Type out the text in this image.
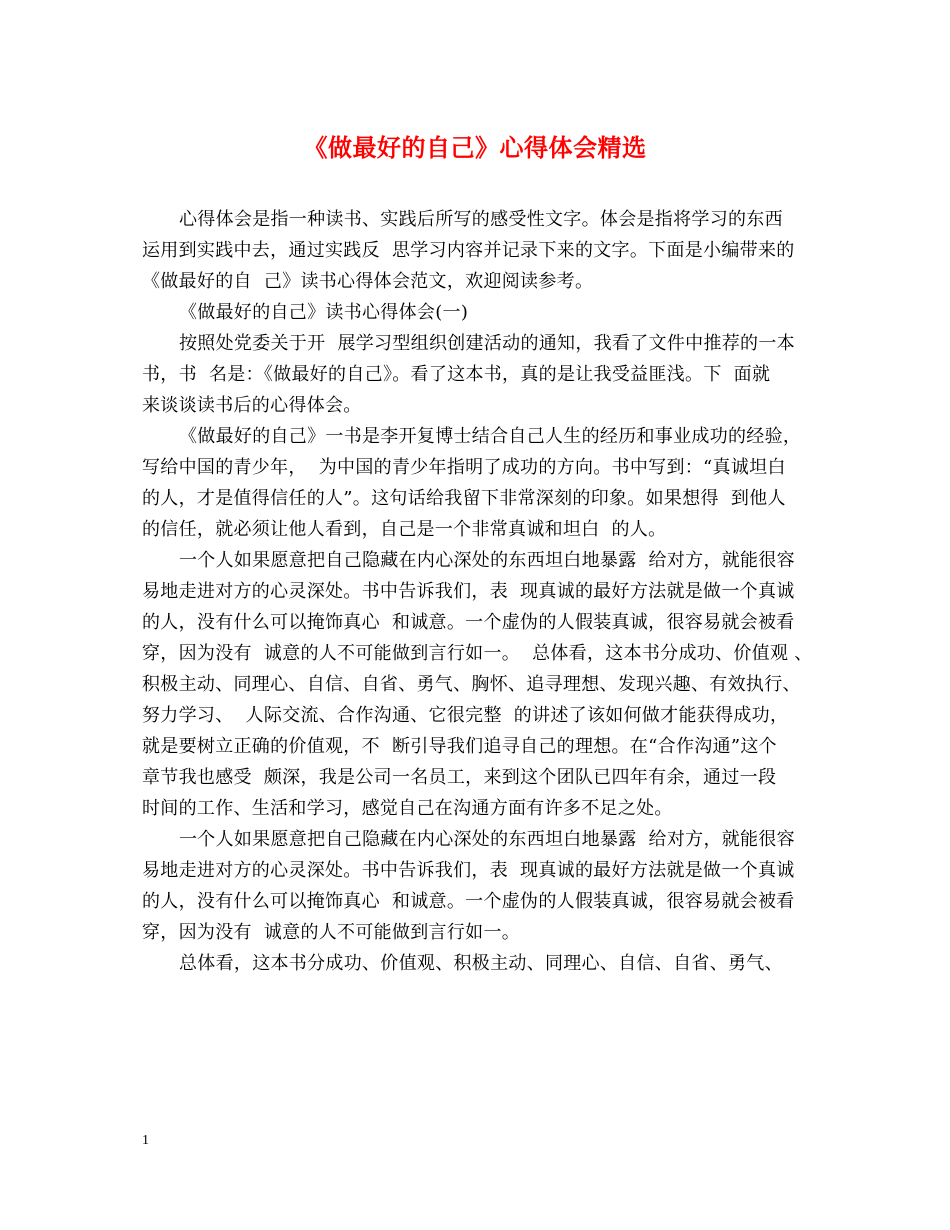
《做最好的自己》心得体会精选
心得体会是指一种读书、实践后所写的感受性文字。体会是指将学习的东西
运用到实践中去，通过实践反  思学习内容并记录下来的文字。下面是小编带来的
《做最好的自  己》读书心得体会范文，欢迎阅读参考。
《做最好的自己》读书心得体会(一)
按照处党委关于开  展学习型组织创建活动的通知，我看了文件中推荐的一本
书，书  名是：《做最好的自己》。看了这本书，真的是让我受益匪浅。下  面就
来谈谈读书后的心得体会。
《做最好的自己》一书是李开复博士结合自己人生的经历和事业成功的经验，
写给中国的青少年，  为中国的青少年指明了成功的方向。书中写到：“真诚坦白
的人，才是值得信任的人”。这句话给我留下非常深刻的印象。如果想得  到他人
的信任，就必须让他人看到，自己是一个非常真诚和坦白  的人。
一个人如果愿意把自己隐藏在内心深处的东西坦白地暴露  给对方，就能很容
易地走进对方的心灵深处。书中告诉我们，表  现真诚的最好方法就是做一个真诚
的人，没有什么可以掩饰真心  和诚意。一个虚伪的人假装真诚，很容易就会被看
穿，因为没有  诚意的人不可能做到言行如一。  总体看，这本书分成功、价值观 、
积极主动、同理心、自信、自省、勇气、胸怀、追寻理想、发现兴趣、有效执行、
努力学习、  人际交流、合作沟通、它很完整  的讲述了该如何做才能获得成功，
就是要树立正确的价值观，不  断引导我们追寻自己的理想。在“合作沟通”这个
章节我也感受  颇深，我是公司一名员工，来到这个团队已四年有余，通过一段
时间的工作、生活和学习，感觉自己在沟通方面有许多不足之处。
一个人如果愿意把自己隐藏在内心深处的东西坦白地暴露  给对方，就能很容
易地走进对方的心灵深处。书中告诉我们，表  现真诚的最好方法就是做一个真诚
的人，没有什么可以掩饰真心  和诚意。一个虚伪的人假装真诚，很容易就会被看
穿，因为没有  诚意的人不可能做到言行如一。
总体看，这本书分成功、价值观、积极主动、同理心、自信、自省、勇气、
1
